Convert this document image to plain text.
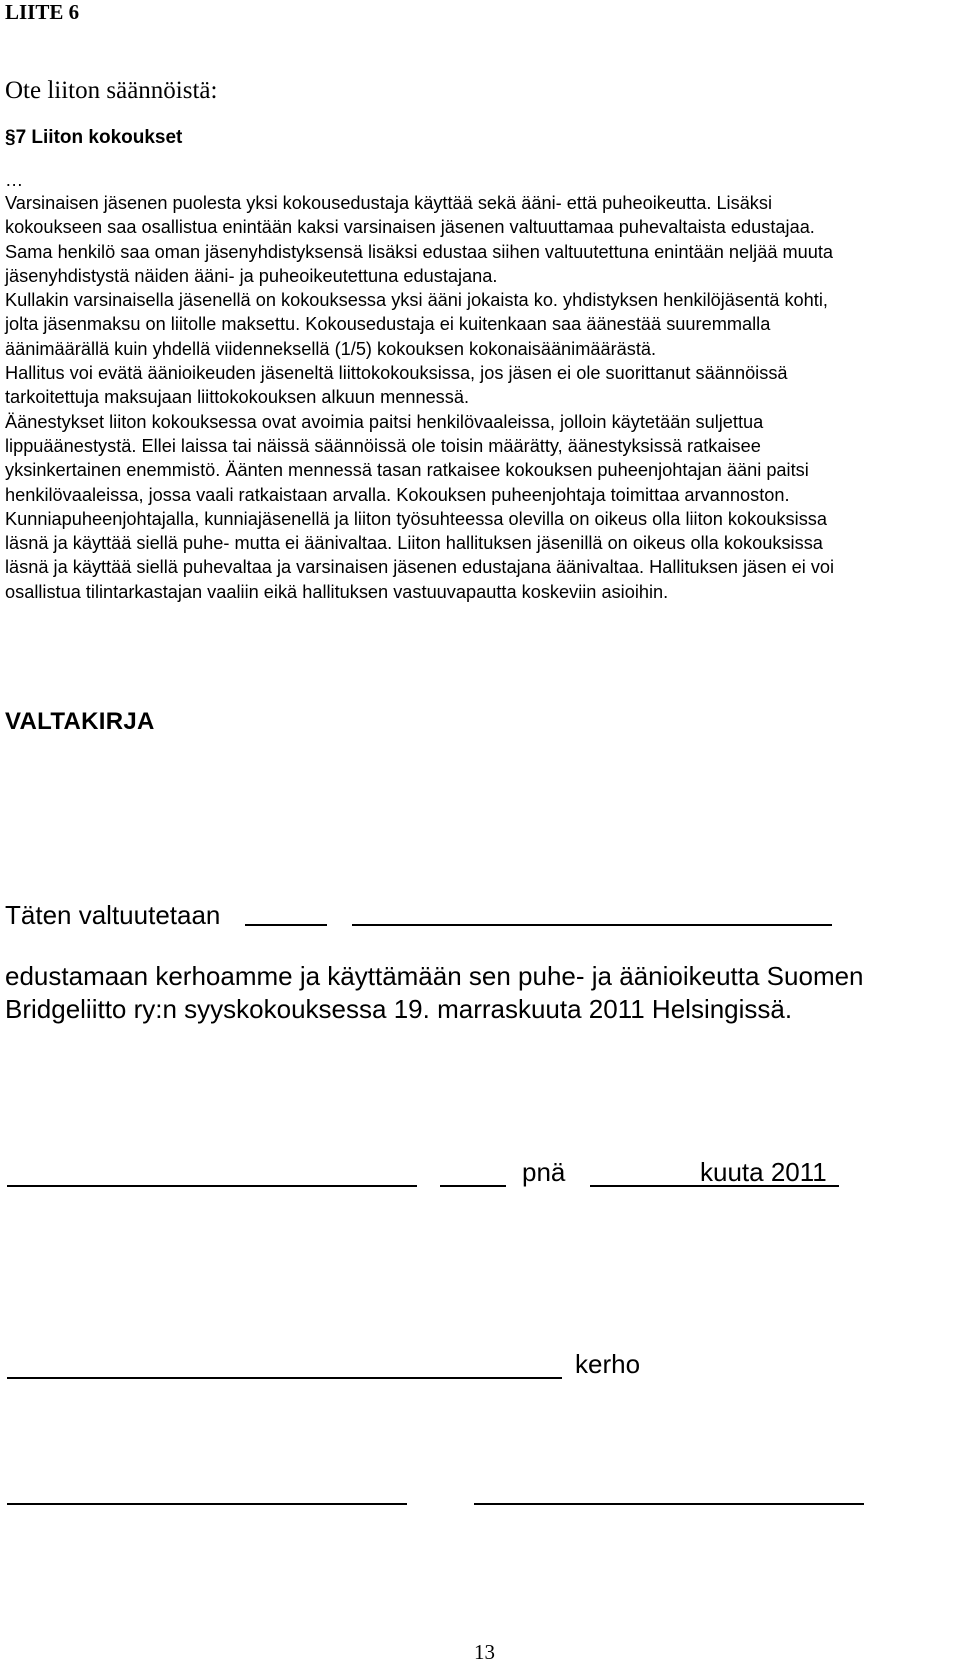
LIITE 6
Ote liiton säännöistä:
§7 Liiton kokoukset
…
Varsinaisen jäsenen puolesta yksi kokousedustaja käyttää sekä ääni- että puheoikeutta. Lisäksi
kokoukseen saa osallistua enintään kaksi varsinaisen jäsenen valtuuttamaa puhevaltaista edustajaa.
Sama henkilö saa oman jäsenyhdistyksensä lisäksi edustaa siihen valtuutettuna enintään neljää muuta
jäsenyhdistystä näiden ääni- ja puheoikeutettuna edustajana.
Kullakin varsinaisella jäsenellä on kokouksessa yksi ääni jokaista ko. yhdistyksen henkilöjäsentä kohti,
jolta jäsenmaksu on liitolle maksettu. Kokousedustaja ei kuitenkaan saa äänestää suuremmalla
äänimäärällä kuin yhdellä viidenneksellä (1/5) kokouksen kokonaisäänimäärästä.
Hallitus voi evätä äänioikeuden jäseneltä liittokokouksissa, jos jäsen ei ole suorittanut säännöissä
tarkoitettuja maksujaan liittokokouksen alkuun mennessä.
Äänestykset liiton kokouksessa ovat avoimia paitsi henkilövaaleissa, jolloin käytetään suljettua
lippuäänestystä. Ellei laissa tai näissä säännöissä ole toisin määrätty, äänestyksissä ratkaisee
yksinkertainen enemmistö. Äänten mennessä tasan ratkaisee kokouksen puheenjohtajan ääni paitsi
henkilövaaleissa, jossa vaali ratkaistaan arvalla. Kokouksen puheenjohtaja toimittaa arvannoston.
Kunniapuheenjohtajalla, kunniajäsenellä ja liiton työsuhteessa olevilla on oikeus olla liiton kokouksissa
läsnä ja käyttää siellä puhe- mutta ei äänivaltaa. Liiton hallituksen jäsenillä on oikeus olla kokouksissa
läsnä ja käyttää siellä puhevaltaa ja varsinaisen jäsenen edustajana äänivaltaa. Hallituksen jäsen ei voi
osallistua tilintarkastajan vaaliin eikä hallituksen vastuuvapautta koskeviin asioihin.
VALTAKIRJA
Täten valtuutetaan
edustamaan kerhoamme ja käyttämään sen puhe- ja äänioikeutta Suomen
Bridgeliitto ry:n syyskokouksessa 19. marraskuuta 2011 Helsingissä.
pnä	kuuta 2011
kerho
13
